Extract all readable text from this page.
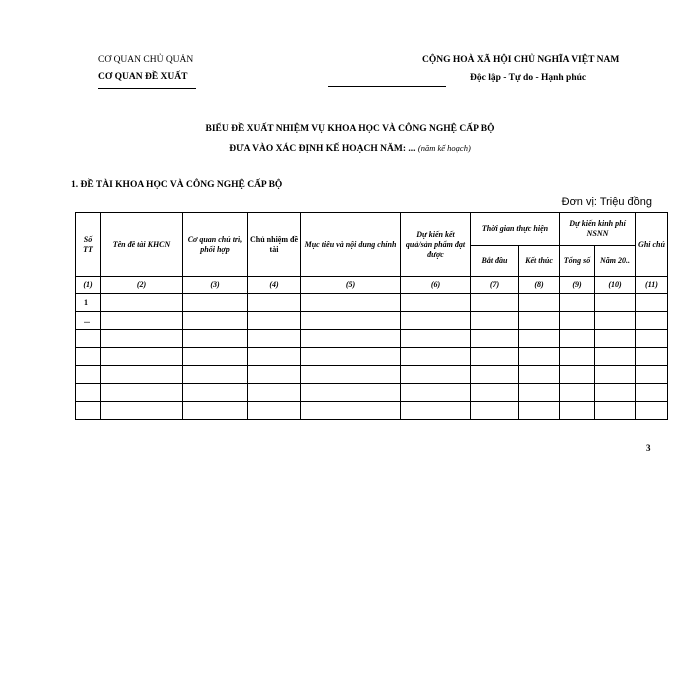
CƠ QUAN CHỦ QUẢN
CƠ QUAN ĐỀ XUẤT
CỘNG HOÀ XÃ HỘI CHỦ NGHĨA VIỆT NAM
Độc lập - Tự do - Hạnh phúc
BIỂU ĐỀ XUẤT NHIỆM VỤ KHOA HỌC VÀ CÔNG NGHỆ CẤP BỘ
ĐƯA VÀO XÁC ĐỊNH KẾ HOẠCH NĂM: ... (năm kế hoạch)
1. ĐỀ TÀI KHOA HỌC VÀ CÔNG NGHỆ CẤP BỘ
Đơn vị: Triệu đồng
Số TT	Tên đề tài KHCN	Cơ quan chủ trì, phối hợp	Chủ nhiệm đề tài	Mục tiêu và nội dung chính	Dự kiến kết quả/sản phẩm đạt được	Thời gian thực hiện		Dự kiến kinh phí NSNN		Ghi chú
						Bắt đầu	Kết thúc	Tổng số	Năm 20..	
(1)	(2)	(3)	(4)	(5)	(6)	(7)	(8)	(9)	(10)	(11)
1										
...										

3
